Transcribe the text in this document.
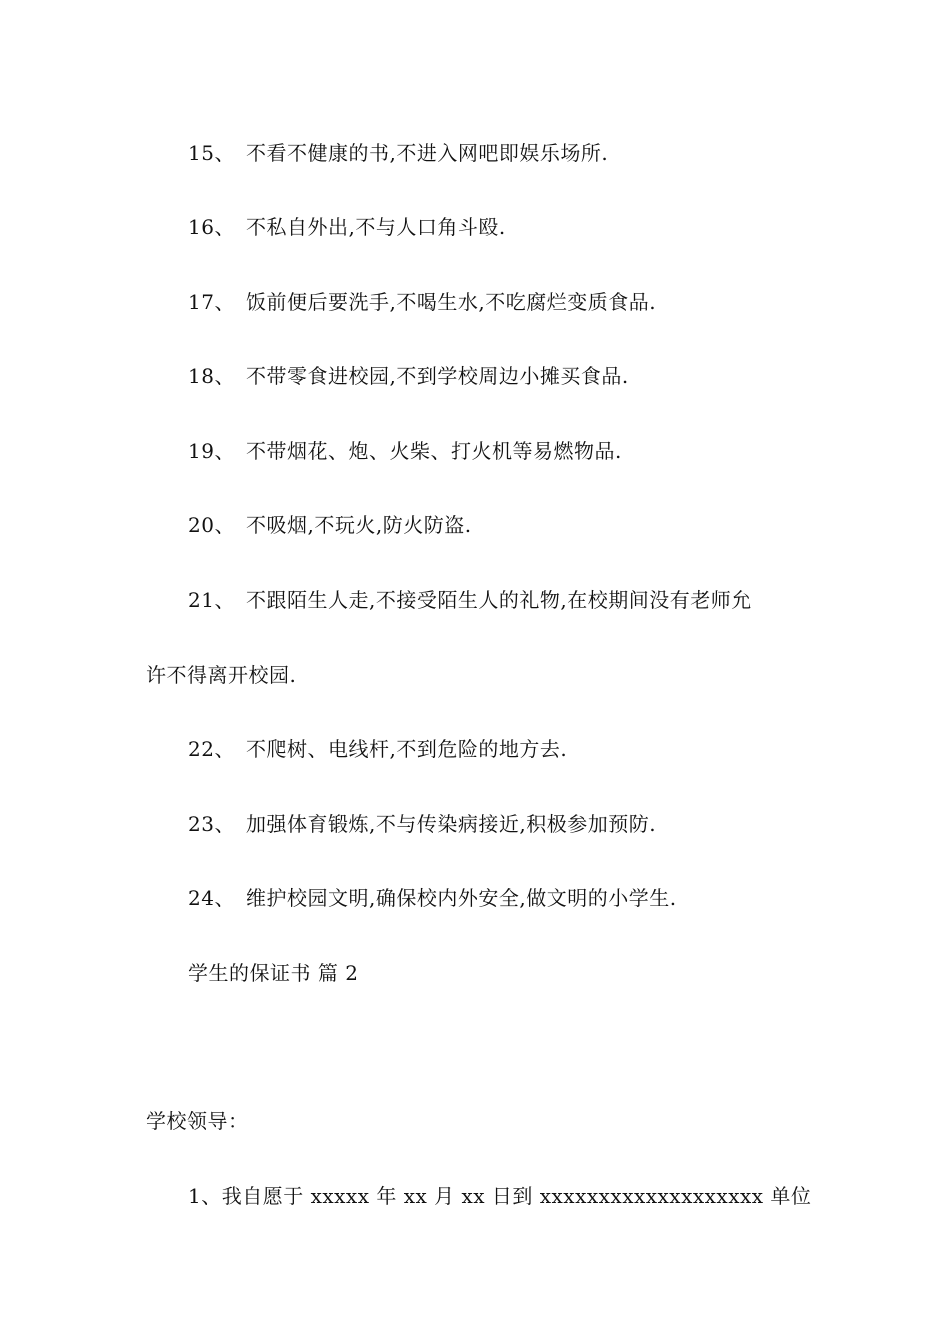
15、 不看不健康的书,不进入网吧即娱乐场所.
16、 不私自外出,不与人口角斗殴.
17、 饭前便后要洗手,不喝生水,不吃腐烂变质食品.
18、 不带零食进校园,不到学校周边小摊买食品.
19、 不带烟花、炮、火柴、打火机等易燃物品.
20、 不吸烟,不玩火,防火防盗.
21、 不跟陌生人走,不接受陌生人的礼物,在校期间没有老师允
许不得离开校园.
22、 不爬树、电线杆,不到危险的地方去.
23、 加强体育锻炼,不与传染病接近,积极参加预防.
24、 维护校园文明,确保校内外安全,做文明的小学生.
学生的保证书 篇 2
学校领导：
1、我自愿于 xxxxx 年 xx 月 xx 日到 xxxxxxxxxxxxxxxxxxx 单位
